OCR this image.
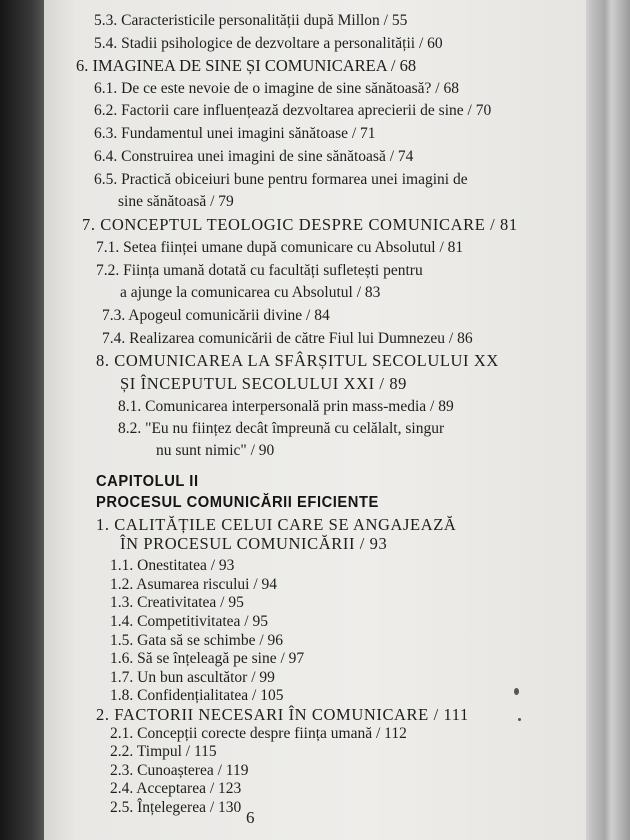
5.3. Caracteristicile personalității după Millon / 55

5.4. Stadii psihologice de dezvoltare a personalității / 60

6. IMAGINEA DE SINE ȘI COMUNICAREA / 68

6.1. De ce este nevoie de o imagine de sine sănătoasă? / 68

6.2. Factorii care influențează dezvoltarea aprecierii de sine / 70

6.3. Fundamentul unei imagini sănătoase / 71

6.4. Construirea unei imagini de sine sănătoasă / 74

6.5. Practică obiceiuri bune pentru formarea unei imagini de

sine sănătoasă / 79

7. CONCEPTUL TEOLOGIC DESPRE COMUNICARE / 81

7.1. Setea ființei umane după comunicare cu Absolutul / 81

7.2. Ființa umană dotată cu facultăți sufletești pentru

a ajunge la comunicarea cu Absolutul / 83

7.3. Apogeul comunicării divine / 84

7.4. Realizarea comunicării de către Fiul lui Dumnezeu / 86

8. COMUNICAREA LA SFÂRȘITUL SECOLULUI XX

ȘI ÎNCEPUTUL SECOLULUI XXI / 89

8.1. Comunicarea interpersonală prin mass-media / 89

8.2. "Eu nu ființez decât împreună cu celălalt, singur

nu sunt nimic" / 90

CAPITOLUL II

PROCESUL COMUNICĂRII EFICIENTE

1. CALITĂȚILE CELUI CARE SE ANGAJEAZĂ

ÎN PROCESUL COMUNICĂRII / 93

1.1. Onestitatea / 93

1.2. Asumarea riscului / 94

1.3. Creativitatea / 95

1.4. Competitivitatea / 95

1.5. Gata să se schimbe / 96

1.6. Să se înțeleagă pe sine / 97

1.7. Un bun ascultător / 99

1.8. Confidențialitatea / 105

2. FACTORII NECESARI ÎN COMUNICARE / 111

2.1. Concepții corecte despre ființa umană / 112

2.2. Timpul / 115

2.3. Cunoașterea / 119

2.4. Acceptarea / 123

2.5. Înțelegerea / 130

6
